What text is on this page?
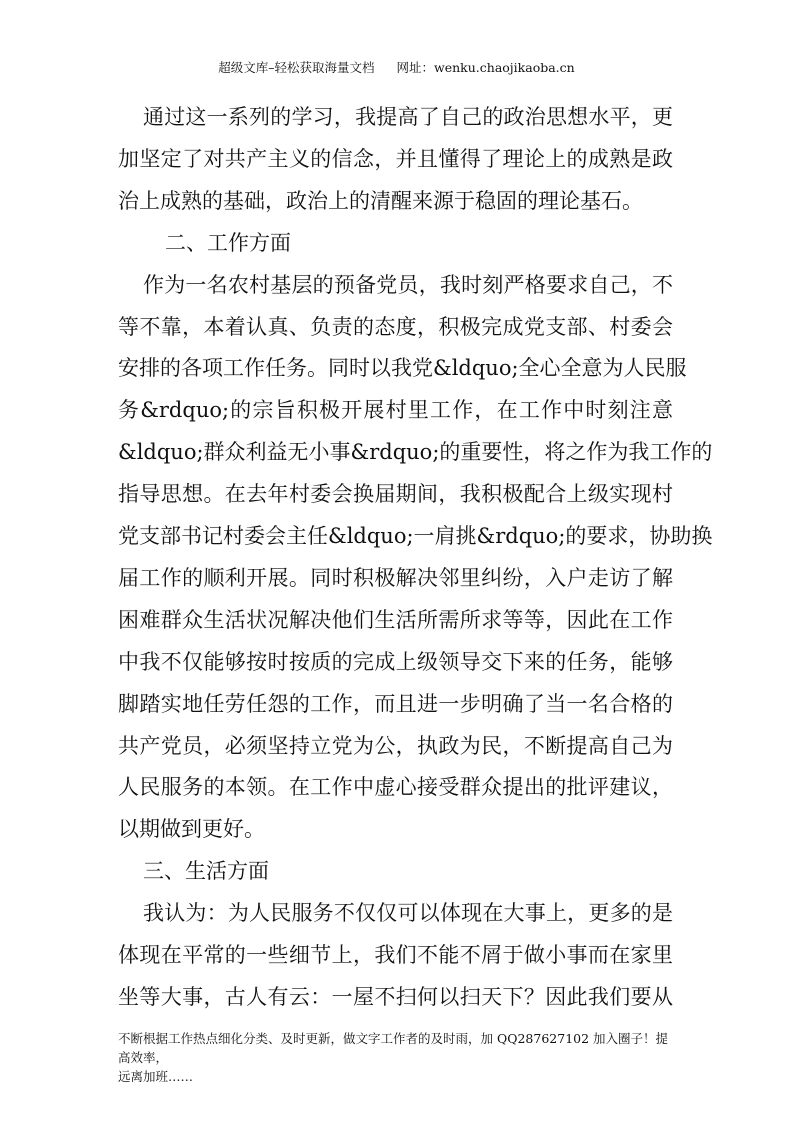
超级文库–轻松获取海量文档 网址：wenku.chaojikaoba.cn
通过这一系列的学习，我提高了自己的政治思想水平，更
加坚定了对共产主义的信念，并且懂得了理论上的成熟是政
治上成熟的基础，政治上的清醒来源于稳固的理论基石。
二、工作方面
作为一名农村基层的预备党员，我时刻严格要求自己，不
等不靠，本着认真、负责的态度，积极完成党支部、村委会
安排的各项工作任务。同时以我党&ldquo;全心全意为人民服
务&rdquo;的宗旨积极开展村里工作，在工作中时刻注意
&ldquo;群众利益无小事&rdquo;的重要性，将之作为我工作的
指导思想。在去年村委会换届期间，我积极配合上级实现村
党支部书记村委会主任&ldquo;一肩挑&rdquo;的要求，协助换
届工作的顺利开展。同时积极解决邻里纠纷，入户走访了解
困难群众生活状况解决他们生活所需所求等等，因此在工作
中我不仅能够按时按质的完成上级领导交下来的任务，能够
脚踏实地任劳任怨的工作，而且进一步明确了当一名合格的
共产党员，必须坚持立党为公，执政为民，不断提高自己为
人民服务的本领。在工作中虚心接受群众提出的批评建议，
以期做到更好。
三、生活方面
我认为：为人民服务不仅仅可以体现在大事上，更多的是
体现在平常的一些细节上，我们不能不屑于做小事而在家里
坐等大事，古人有云：一屋不扫何以扫天下？因此我们要从
不断根据工作热点细化分类、及时更新，做文字工作者的及时雨，加 QQ287627102 加入圈子！提高效率，
远离加班……
